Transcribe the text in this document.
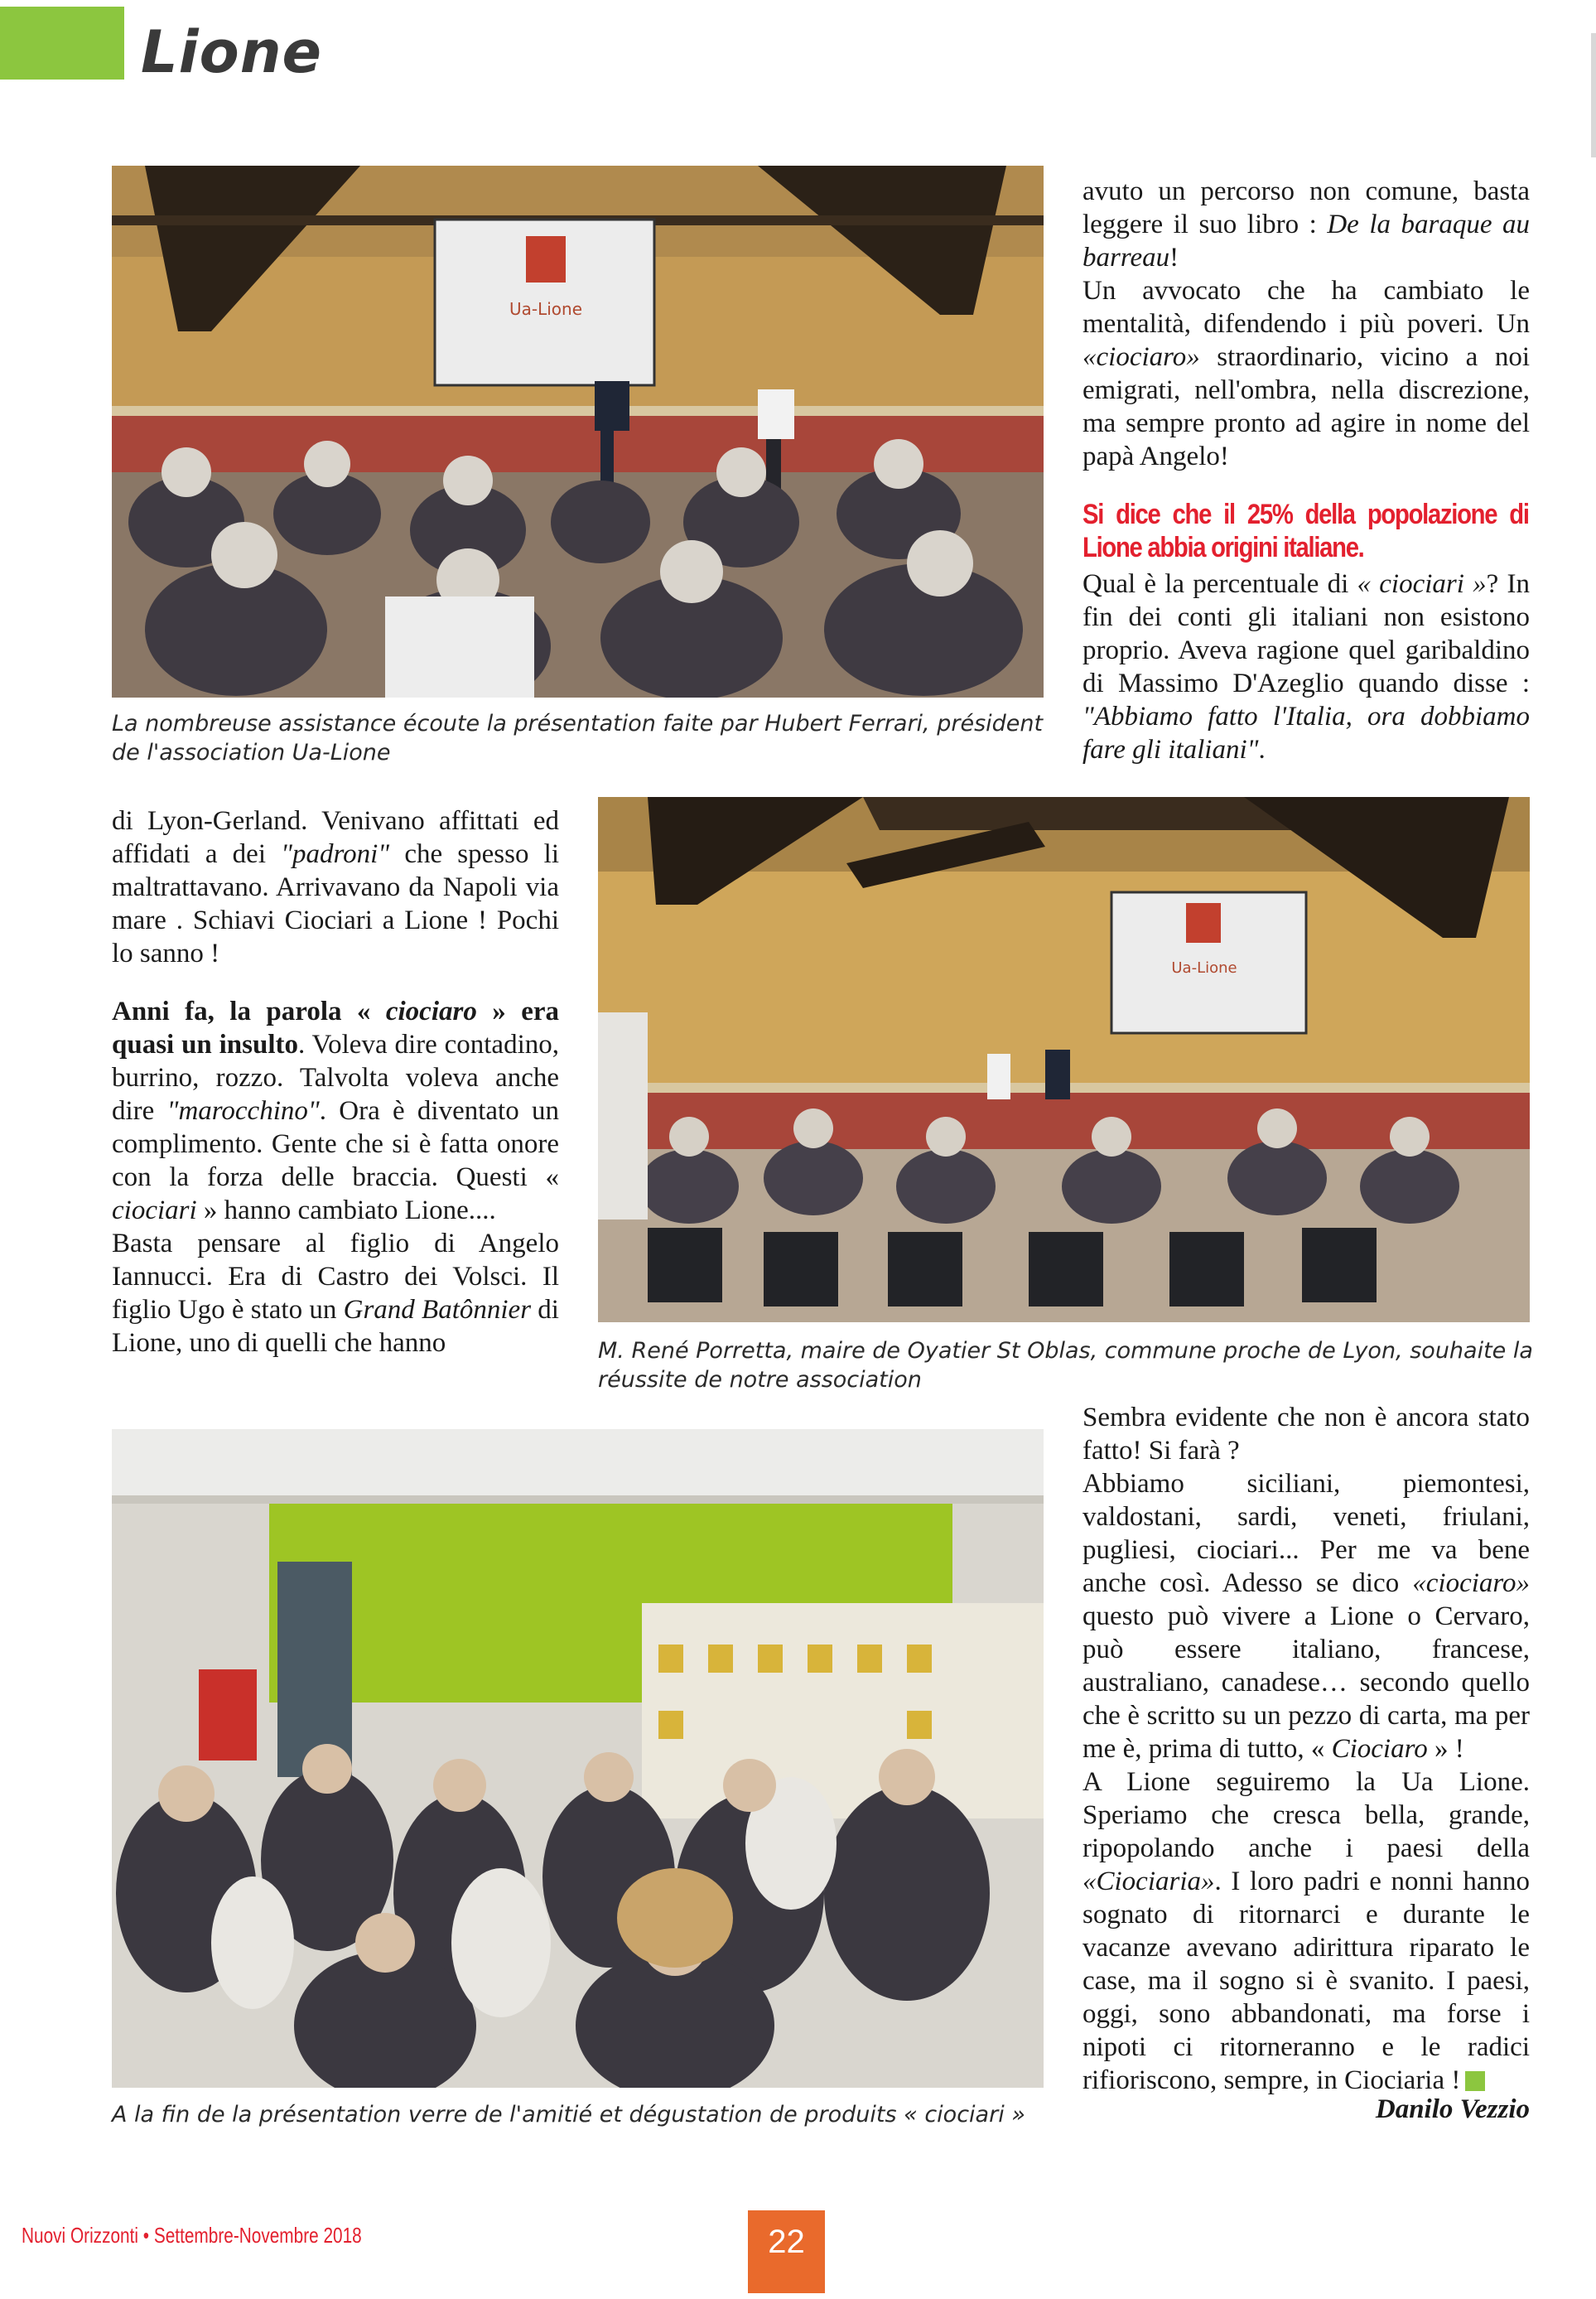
Lione
Ua-Lione

La nombreuse assistance écoute la présentation faite par Hubert Ferrari, président de l'association Ua-Lione

avuto un percorso non comune, basta leggere il suo libro : De la baraque au barreau!

Un avvocato che ha cambiato le mentalità, difendendo i più poveri. Un «ciociaro» straordinario, vicino a noi emigrati, nell'ombra, nella discrezione, ma sempre pronto ad agire in nome del papà Angelo!

Si dice che il 25% della popolazione di Lione abbia origini italiane.

Qual è la percentuale di « ciociari »? In fin dei conti gli italiani non esistono proprio. Aveva ragione quel garibaldino di Massimo D'Azeglio quando disse : "Abbiamo fatto l'Italia, ora dobbiamo fare gli italiani".

di Lyon-Gerland. Venivano affittati ed affidati a dei "padroni" che spesso li maltrattavano. Arrivavano da Napoli via mare . Schiavi Ciociari a Lione ! Pochi lo sanno !

Anni fa, la parola « ciociaro » era quasi un insulto. Voleva dire contadino, burrino, rozzo. Talvolta voleva anche dire "marocchino". Ora è diventato un complimento. Gente che si è fatta onore con la forza delle braccia. Questi « ciociari » hanno cambiato Lione....

Basta pensare al figlio di Angelo Iannucci. Era di Castro dei Volsci. Il figlio Ugo è stato un Grand Batônnier di Lione, uno di quelli che hanno

Ua-Lione

M. René Porretta, maire de Oyatier St Oblas, commune proche de Lyon, souhaite la réussite de notre association

A la fin de la présentation verre de l'amitié et dégustation de produits « ciociari »

Sembra evidente che non è ancora stato fatto! Si farà ?

Abbiamo siciliani, piemontesi, valdostani, sardi, veneti, friulani, pugliesi, ciociari... Per me va bene anche così. Adesso se dico «ciociaro» questo può vivere a Lione o Cervaro, può essere italiano, francese, australiano, canadese… secondo quello che è scritto su un pezzo di carta, ma per me è, prima di tutto, « Ciociaro » !

A Lione seguiremo la Ua Lione. Speriamo che cresca bella, grande, ripopolando anche i paesi della «Ciociaria». I loro padri e nonni hanno sognato di ritornarci e durante le vacanze avevano adirittura riparato le case, ma il sogno si è svanito. I paesi, oggi, sono abbandonati, ma forse i nipoti ci ritorneranno e le radici rifioriscono, sempre, in Ciociaria !

Danilo Vezzio

Nuovi Orizzonti • Settembre-Novembre 2018	22
